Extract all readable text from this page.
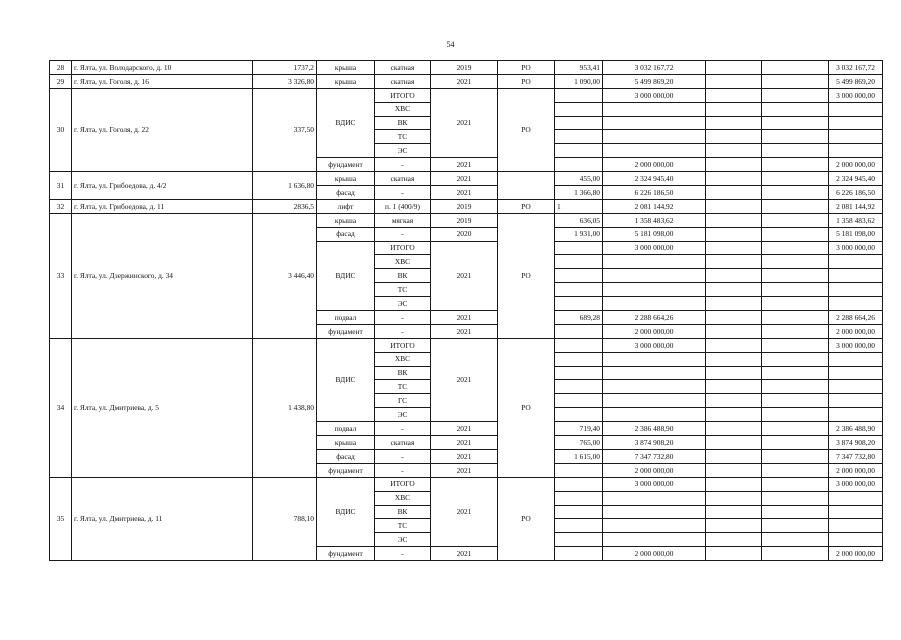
54
28	г. Ялта, ул. Володарского, д. 10	1737,2	крыша	скатная	2019	РО	953,41	3 032 167,72			3 032 167,72
29	г. Ялта, ул. Гоголя, д. 16	3 326,80	крыша	скатная	2021	РО	1 090,00	5 499 869,20			5 499 869,20
30	г. Ялта, ул. Гоголя, д. 22	337,50	ВДИС	ИТОГО	2021	РО		3 000 000,00			3 000 000,00
				ХВС							
				ВК							
				ТС							
				ЭС							
			фундамент	-	2021			2 000 000,00			2 000 000,00
31	г. Ялта, ул. Грибоедова, д. 4/2	1 636,80	крыша	скатная	2021		455,00	2 324 945,40			2 324 945,40
			фасад	-	2021		1 366,80	6 226 186,50			6 226 186,50
32	г. Ялта, ул. Грибоедова, д. 11	2836,5	лифт	п. 1 (400/9)	2019	РО	1	2 081 144,92			2 081 144,92
33	г. Ялта, ул. Дзержинского, д. 34	3 446,40	крыша	мягкая	2019	РО	636,05	1 358 483,62			1 358 483,62
			фасад	-	2020		1 931,00	5 181 098,00			5 181 098,00
			ВДИС	ИТОГО	2021			3 000 000,00			3 000 000,00
				ХВС							
				ВК							
				ТС							
				ЭС							
			подвал	-	2021		689,28	2 288 664,26			2 288 664,26
			фундамент	-	2021			2 000 000,00			2 000 000,00
34	г. Ялта, ул. Дмитриева, д. 5	1 438,80	ВДИС	ИТОГО	2021	РО		3 000 000,00			3 000 000,00
				ХВС							
				ВК							
				ТС							
				ГС							
				ЭС							
			подвал	-	2021		719,40	2 386 488,90			2 386 488,90
			крыша	скатная	2021		765,00	3 874 908,20			3 874 908,20
			фасад	-	2021		1 615,00	7 347 732,80			7 347 732,80
			фундамент	-	2021			2 000 000,00			2 000 000,00
35	г. Ялта, ул. Дмитриева, д. 11	788,10	ВДИС	ИТОГО	2021	РО		3 000 000,00			3 000 000,00
				ХВС							
				ВК							
				ТС							
				ЭС							
			фундамент	-	2021			2 000 000,00			2 000 000,00
